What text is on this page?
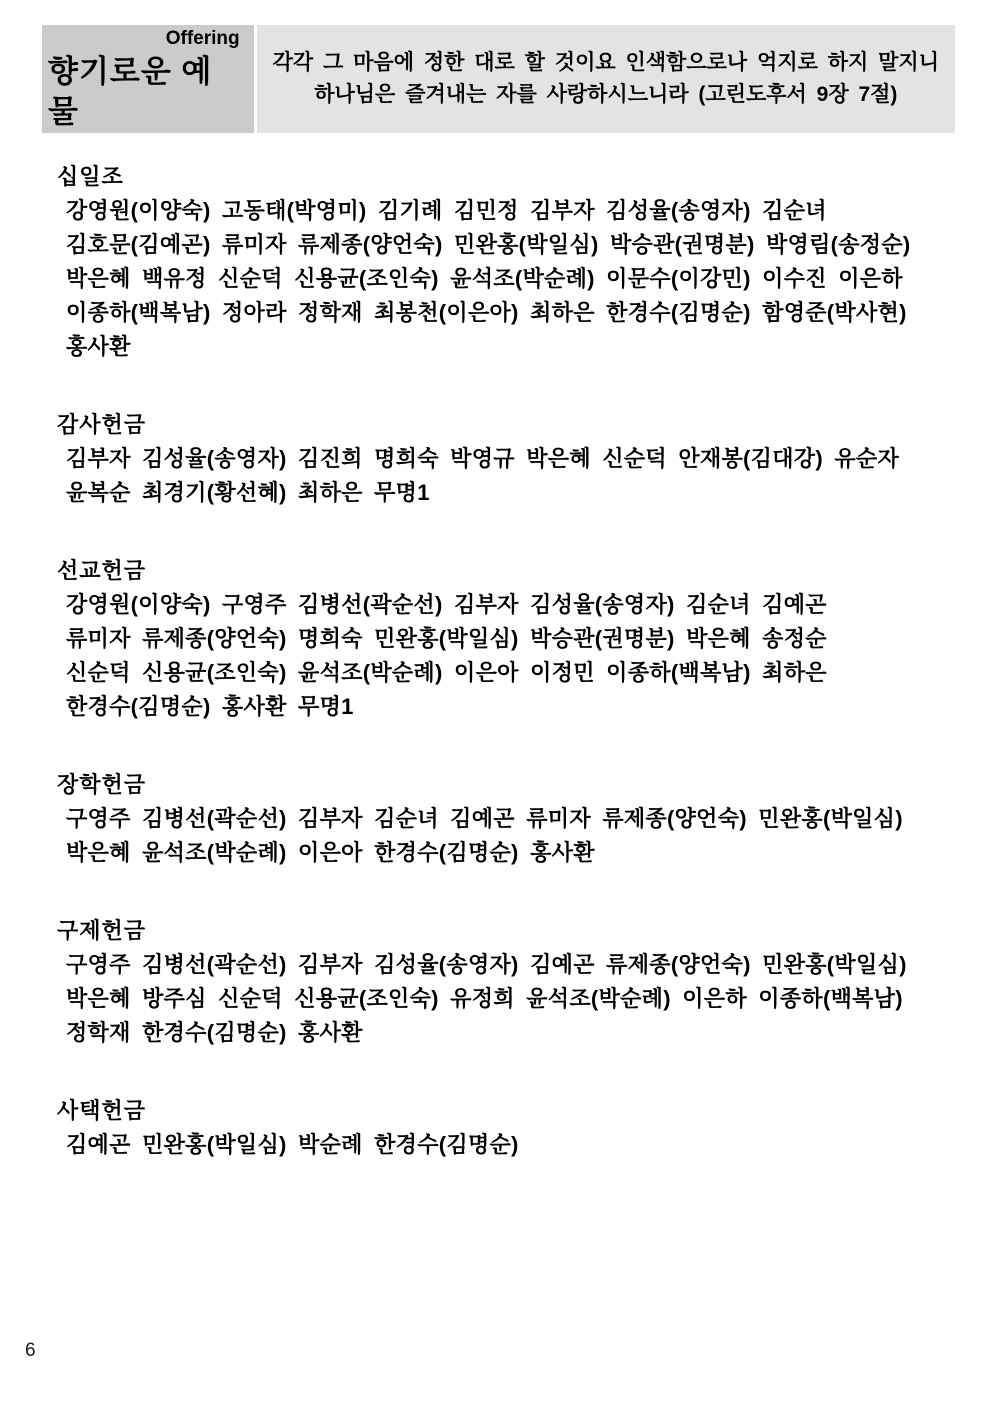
Offering
향기로운 예물
각각 그 마음에 정한 대로 할 것이요 인색함으로나 억지로 하지 말지니
하나님은 즐겨내는 자를 사랑하시느니라 (고린도후서 9장 7절)
십일조
강영원(이양숙) 고동태(박영미) 김기례 김민정 김부자 김성율(송영자) 김순녀
김호문(김예곤) 류미자 류제종(양언숙) 민완홍(박일심) 박승관(권명분) 박영림(송정순)
박은혜 백유정 신순덕 신용균(조인숙) 윤석조(박순례) 이문수(이강민) 이수진 이은하
이종하(백복남) 정아라 정학재 최봉천(이은아) 최하은 한경수(김명순) 함영준(박사현)
홍사환
감사헌금
김부자 김성율(송영자) 김진희 명희숙 박영규 박은혜 신순덕 안재봉(김대강) 유순자
윤복순 최경기(황선혜) 최하은 무명1
선교헌금
강영원(이양숙) 구영주 김병선(곽순선) 김부자 김성율(송영자) 김순녀 김예곤
류미자 류제종(양언숙) 명희숙 민완홍(박일심) 박승관(권명분) 박은혜 송정순
신순덕 신용균(조인숙) 윤석조(박순례) 이은아 이정민 이종하(백복남) 최하은
한경수(김명순) 홍사환 무명1
장학헌금
구영주 김병선(곽순선) 김부자 김순녀 김예곤 류미자 류제종(양언숙) 민완홍(박일심)
박은혜 윤석조(박순례) 이은아 한경수(김명순) 홍사환
구제헌금
구영주 김병선(곽순선) 김부자 김성율(송영자) 김예곤 류제종(양언숙) 민완홍(박일심)
박은혜 방주심 신순덕 신용균(조인숙) 유정희 윤석조(박순례) 이은하 이종하(백복남)
정학재 한경수(김명순) 홍사환
사택헌금
김예곤 민완홍(박일심) 박순례 한경수(김명순)
6
